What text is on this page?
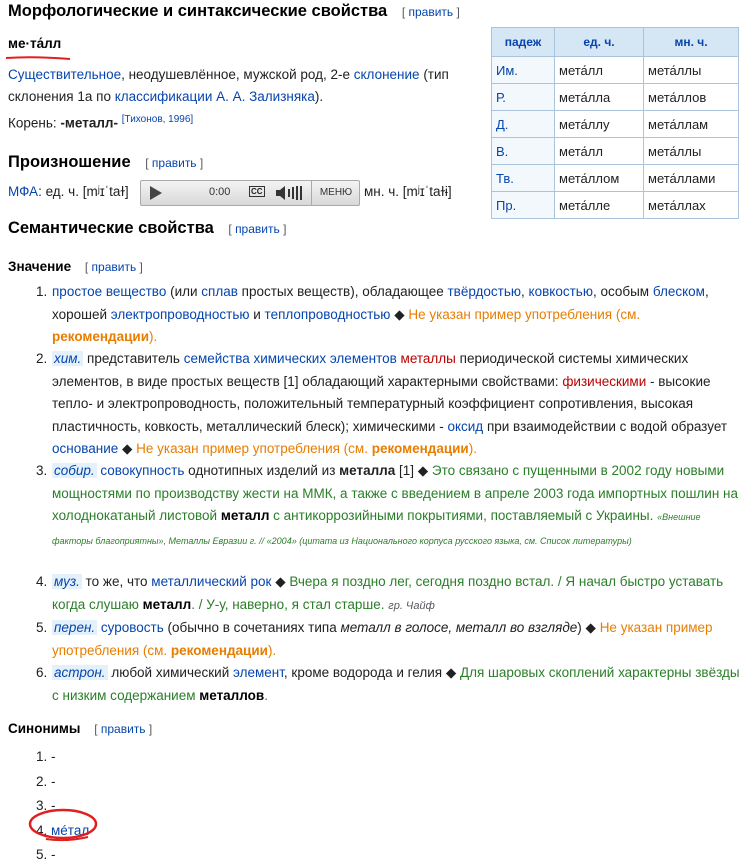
Морфологические и синтаксические свойства [ править ]
ме·та́лл
Существительное, неодушевлённое, мужской род, 2-е склонение (тип склонения 1a по классификации А. А. Зализняка).
Корень: -металл- [Тихонов, 1996]
падеж	ед. ч.	мн. ч.
Им.	мета́лл	мета́ллы
Р.	мета́лла	мета́ллов
Д.	мета́ллу	мета́ллам
В.	мета́лл	мета́ллы
Тв.	мета́ллом	мета́ллами
Пр.	мета́лле	мета́ллах
Произношение [ править ]
МФА: ед. ч. [mʲɪˈtaɫ]	0:00	CC	МЕНЮ мн. ч. [mʲɪˈtaɫɨ]
Семантические свойства [ править ]
Значение [ править ]
1. простое вещество (или сплав простых веществ), обладающее твёрдостью, ковкостью, особым блеском, хорошей электропроводностью и теплопроводностью ◆ Не указан пример употребления (см. рекомендации).
2. хим. представитель семейства химических элементов металлы периодической системы химических элементов, в виде простых веществ [1] обладающий характерными свойствами: физическими - высокие тепло- и электропроводность, положительный температурный коэффициент сопротивления, высокая пластичность, ковкость, металлический блеск); химическими - оксид при взаимодействии с водой образует основание ◆ Не указан пример употребления (см. рекомендации).
3. собир. совокупность однотипных изделий из металла [1] ◆ Это связано с пущенными в 2002 году новыми мощностями по производству жести на ММК, а также с введением в апреле 2003 года импортных пошлин на холоднокатаный листовой металл с антикоррозийными покрытиями, поставляемый с Украины. «Внешние факторы благоприятны», Металлы Евразии г. // «2004» (цитата из Национального корпуса русского языка, см. Список литературы)
4. муз. то же, что металлический рок ◆ Вчера я поздно лег, сегодня поздно встал. / Я начал быстро уставать когда слушаю металл. / У-у, наверно, я стал старше. гр. Чайф
5. перен. суровость (обычно в сочетаниях типа металл в голосе, металл во взгляде) ◆ Не указан пример употребления (см. рекомендации).
6. астрон. любой химический элемент, кроме водорода и гелия ◆ Для шаровых скоплений характерны звёзды с низким содержанием металлов.
Синонимы [ править ]
1. -
2. -
3. -
4. мéтал
5. -
